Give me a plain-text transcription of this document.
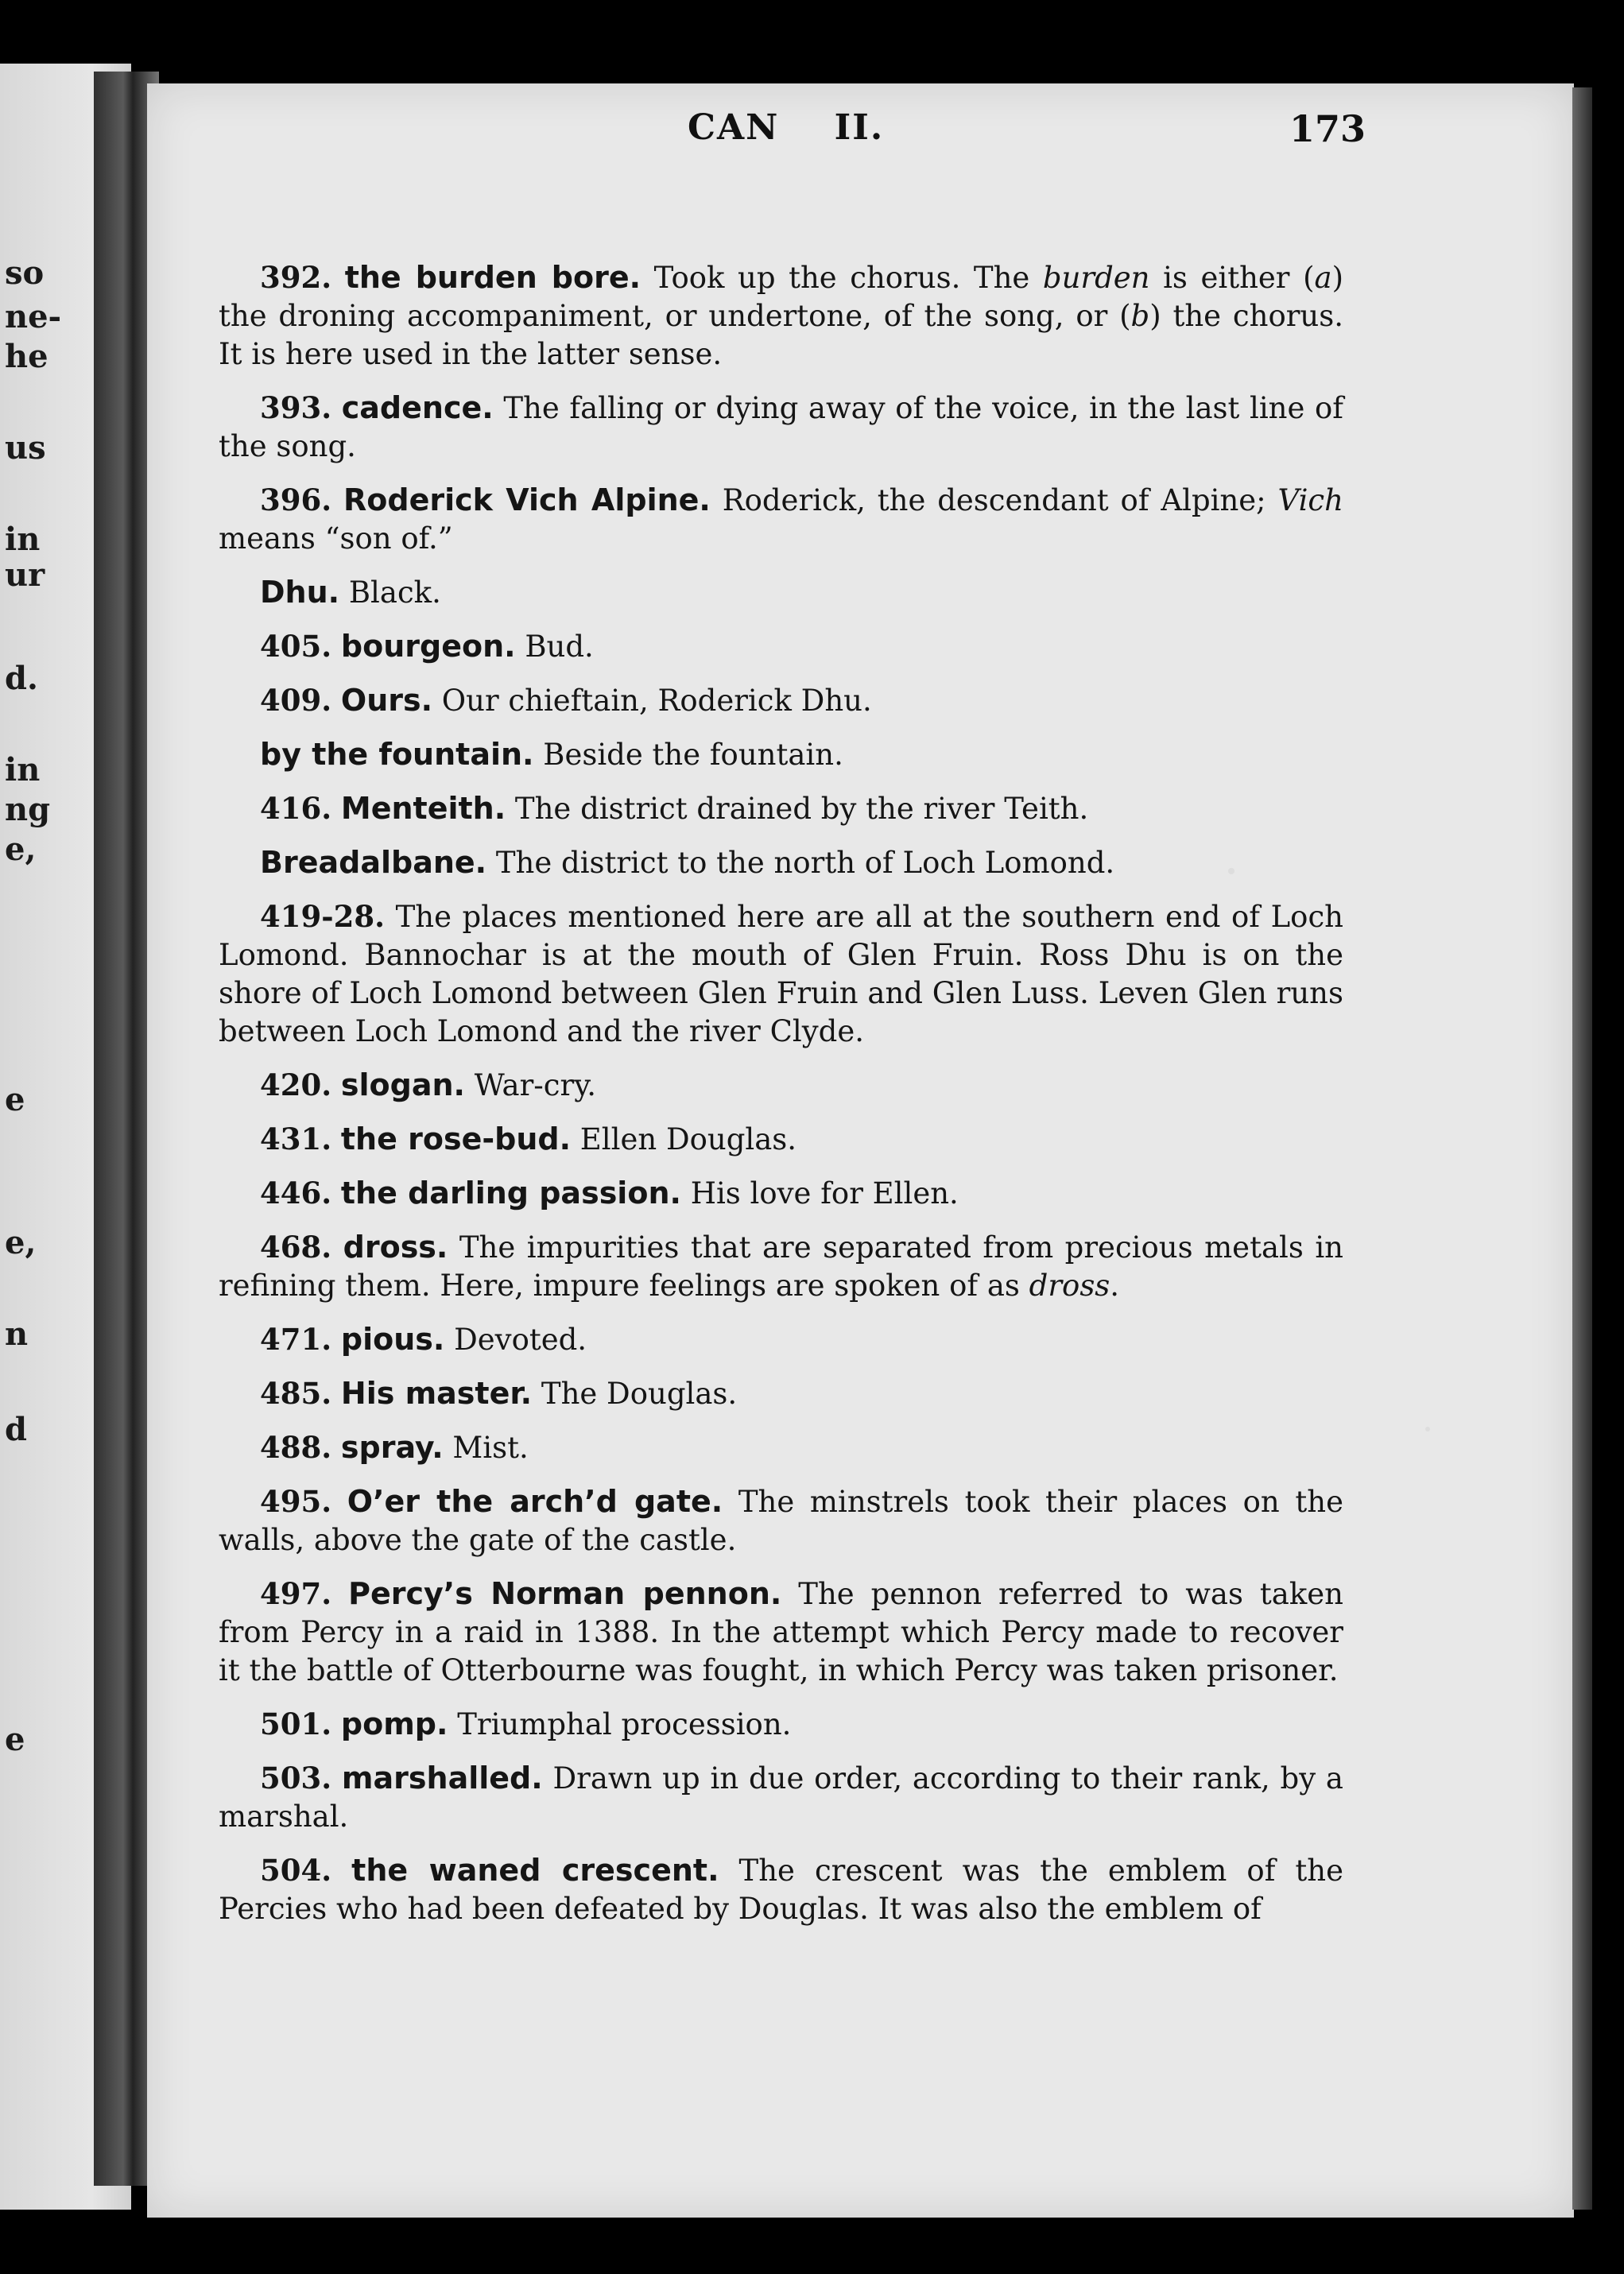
so
ne-
he
us
in
ur
d.
in
ng
e,
e
e,
n
d
e
CAN    II.	173

392. the burden bore. Took up the chorus. The burden is either (a) the droning accompaniment, or undertone, of the song, or (b) the chorus. It is here used in the latter sense.

393. cadence. The falling or dying away of the voice, in the last line of the song.

396. Roderick Vich Alpine. Roderick, the descendant of Alpine; Vich means “son of.”

Dhu. Black.

405. bourgeon. Bud.

409. Ours. Our chieftain, Roderick Dhu.

by the fountain. Beside the fountain.

416. Menteith. The district drained by the river Teith.

Breadalbane. The district to the north of Loch Lomond.

419-28. The places mentioned here are all at the southern end of Loch Lomond. Bannochar is at the mouth of Glen Fruin. Ross Dhu is on the shore of Loch Lomond between Glen Fruin and Glen Luss. Leven Glen runs between Loch Lomond and the river Clyde.

420. slogan. War-cry.

431. the rose-bud. Ellen Douglas.

446. the darling passion. His love for Ellen.

468. dross. The impurities that are separated from precious metals in refining them. Here, impure feelings are spoken of as dross.

471. pious. Devoted.

485. His master. The Douglas.

488. spray. Mist.

495. O’er the arch’d gate. The minstrels took their places on the walls, above the gate of the castle.

497. Percy’s Norman pennon. The pennon referred to was taken from Percy in a raid in 1388. In the attempt which Percy made to recover it the battle of Otterbourne was fought, in which Percy was taken prisoner.

501. pomp. Triumphal procession.

503. marshalled. Drawn up in due order, according to their rank, by a marshal.

504. the waned crescent. The crescent was the emblem of the Percies who had been defeated by Douglas. It was also the emblem of
